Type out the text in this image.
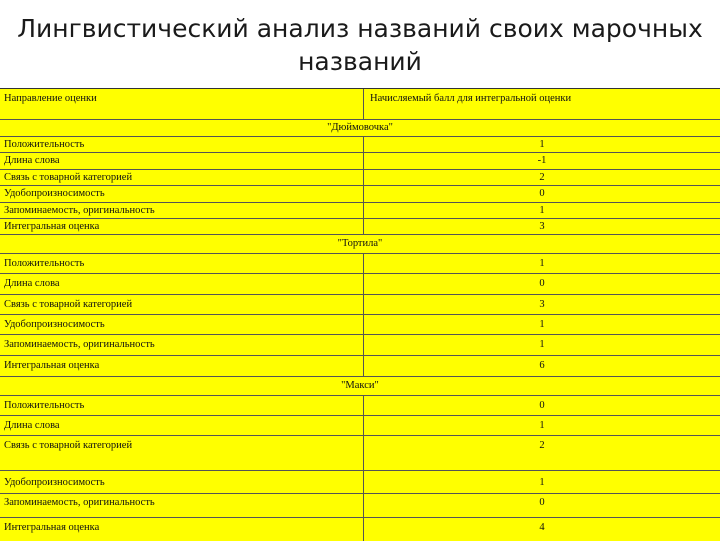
Лингвистический анализ названий своих марочных
названий
Направление оценки	Начисляемый балл для интегральной оценки
"Дюймовочка"
Положительность	1
Длина слова	-1
Связь с товарной категорией	2
Удобопроизносимость	0
Запоминаемость, оригинальность	1
Интегральная оценка	3
"Тортила"
Положительность	1
Длина слова	0
Связь с товарной категорией	3
Удобопроизносимость	1
Запоминаемость, оригинальность	1
Интегральная оценка	6
"Макси"
Положительность	0
Длина слова	1
Связь с товарной категорией	2
Удобопроизносимость	1
Запоминаемость, оригинальность	0
Интегральная оценка	4
